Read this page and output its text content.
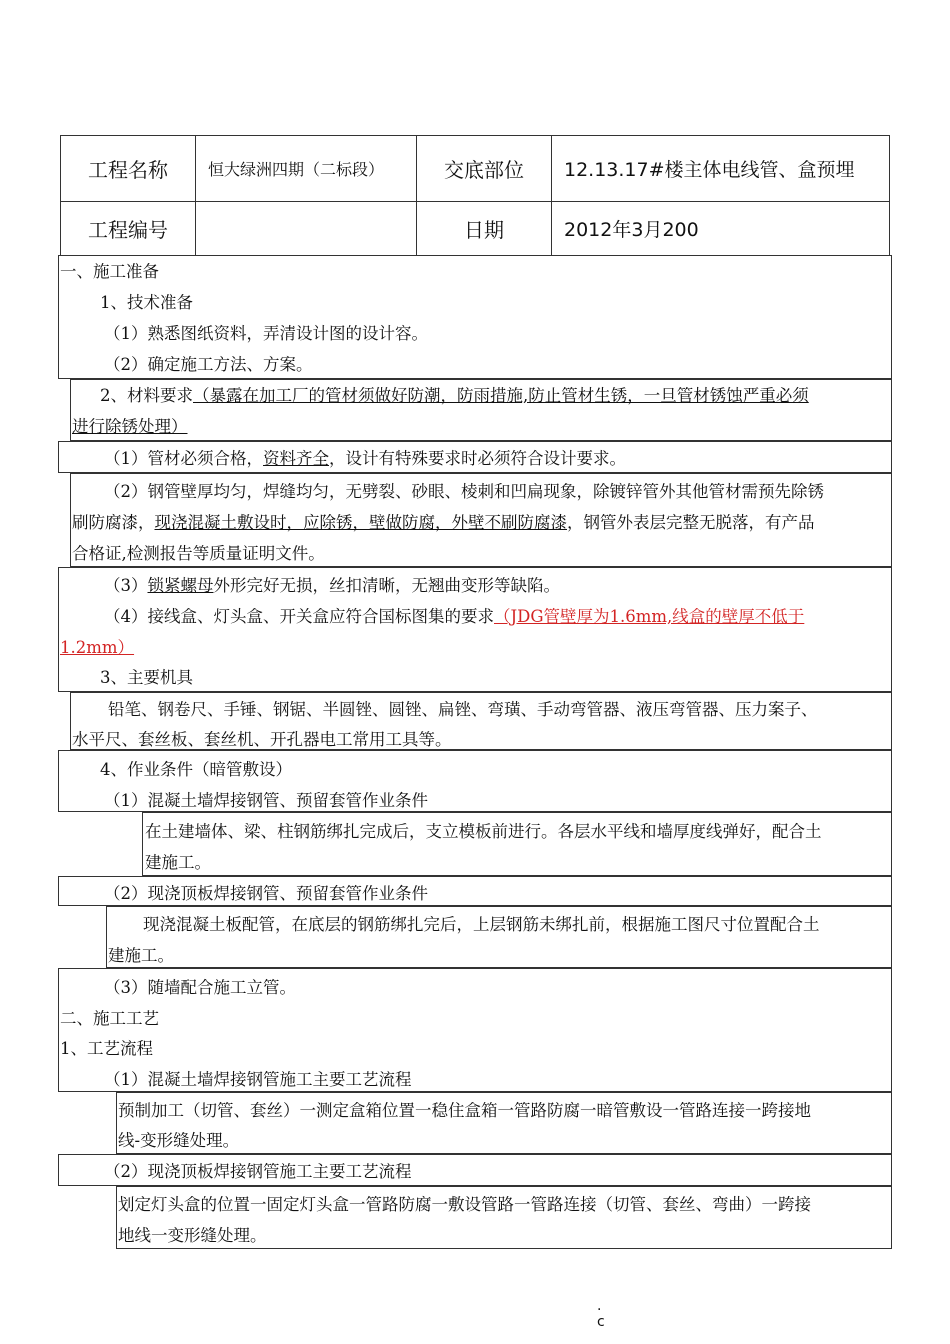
工程名称	恒大绿洲四期（二标段）	交底部位	12.13.17#楼主体电线管、盒预埋
工程编号		日期	2012年3月200
一、施工准备
1、技术准备
（1）熟悉图纸资料，弄清设计图的设计容。
（2）确定施工方法、方案。
2、材料要求（暴露在加工厂的管材须做好防潮，防雨措施,防止管材生锈，一旦管材锈蚀严重必须
进行除锈处理）
（1）管材必须合格，资料齐全，设计有特殊要求时必须符合设计要求。
（2）钢管壁厚均匀，焊缝均匀，无劈裂、砂眼、棱刺和凹扁现象，除镀锌管外其他管材需预先除锈
刷防腐漆，现浇混凝土敷设时，应除锈，壁做防腐，外壁不刷防腐漆，钢管外表层完整无脱落，有产品
合格证,检测报告等质量证明文件。
（3）锁紧螺母外形完好无损，丝扣清晰，无翘曲变形等缺陷。
（4）接线盒、灯头盒、开关盒应符合国标图集的要求（JDG管壁厚为1.6mm,线盒的壁厚不低于
1.2mm）
3、主要机具
铅笔、钢卷尺、手锤、钢锯、半圆锉、圆锉、扁锉、弯璜、手动弯管器、液压弯管器、压力案子、
水平尺、套丝板、套丝机、开孔器电工常用工具等。
4、作业条件（暗管敷设）
（1）混凝土墙焊接钢管、预留套管作业条件
在土建墙体、梁、柱钢筋绑扎完成后，支立模板前进行。各层水平线和墙厚度线弹好，配合土
建施工。
（2）现浇顶板焊接钢管、预留套管作业条件
现浇混凝土板配管，在底层的钢筋绑扎完后，上层钢筋未绑扎前，根据施工图尺寸位置配合土
建施工。
（3）随墙配合施工立管。
二、施工工艺
1、工艺流程
（1）混凝土墙焊接钢管施工主要工艺流程
预制加工（切管、套丝）一测定盒箱位置一稳住盒箱一管路防腐一暗管敷设一管路连接一跨接地
线-变形缝处理。
（2）现浇顶板焊接钢管施工主要工艺流程
划定灯头盒的位置一固定灯头盒一管路防腐一敷设管路一管路连接（切管、套丝、弯曲）一跨接
地线一变形缝处理。
.
c
